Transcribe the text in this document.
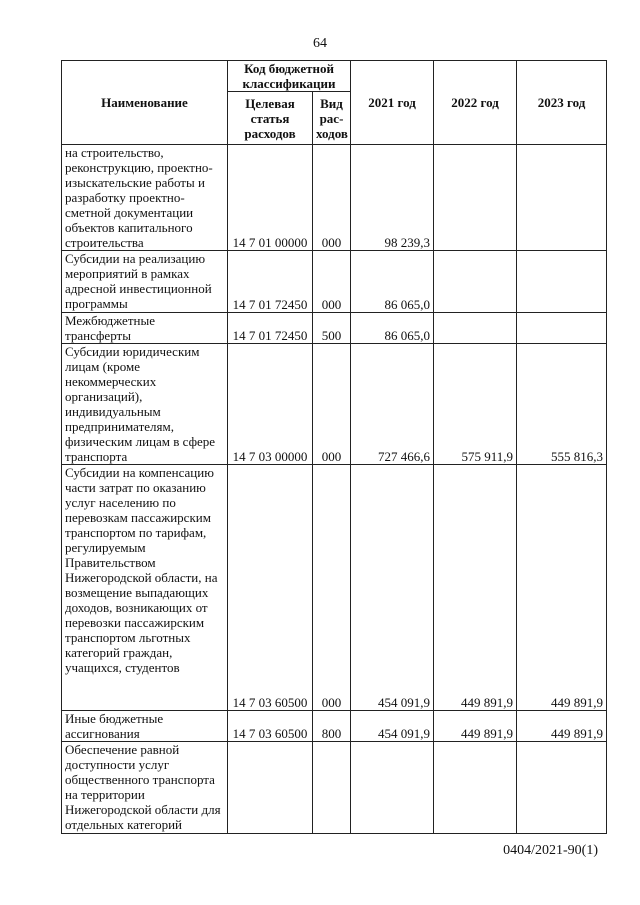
64
Наименование	Код бюджетной классификации		2021 год	2022 год	2023 год
	Целевая статья расходов	Вид рас-ходов			
на строительство, реконструкцию, проектно-изыскательские работы и разработку проектно-сметной документации объектов капитального строительства	14 7 01 00000	000	98 239,3		
Субсидии на реализацию мероприятий в рамках адресной инвестиционной программы	14 7 01 72450	000	86 065,0		
Межбюджетные трансферты	14 7 01 72450	500	86 065,0		
Субсидии юридическим лицам (кроме некоммерческих организаций), индивидуальным предпринимателям, физическим лицам в сфере транспорта	14 7 03 00000	000	727 466,6	575 911,9	555 816,3
Субсидии на компенсацию части затрат по оказанию услуг населению по перевозкам пассажирским транспортом по тарифам, регулируемым Правительством Нижегородской области, на возмещение выпадающих доходов, возникающих от перевозки пассажирским транспортом льготных категорий граждан, учащихся, студентов	14 7 03 60500	000	454 091,9	449 891,9	449 891,9
Иные бюджетные ассигнования	14 7 03 60500	800	454 091,9	449 891,9	449 891,9
Обеспечение равной доступности услуг общественного транспорта на территории Нижегородской области для отдельных категорий					
0404/2021-90(1)
